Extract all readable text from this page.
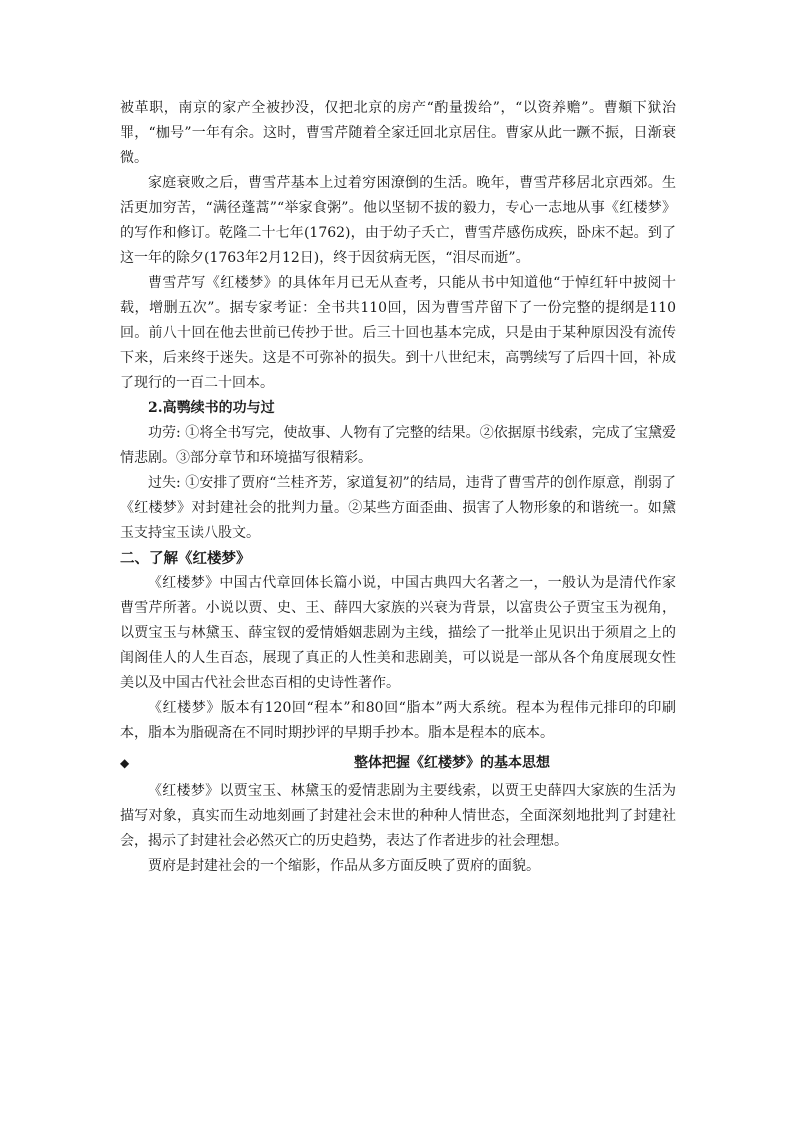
被革职，南京的家产全被抄没，仅把北京的房产“酌量拨给”，“以资养赡”。曹頫下狱治罪，“枷号”一年有余。这时，曹雪芹随着全家迁回北京居住。曹家从此一蹶不振，日渐衰微。

家庭衰败之后，曹雪芹基本上过着穷困潦倒的生活。晚年，曹雪芹移居北京西郊。生活更加穷苦，“满径蓬蒿”“举家食粥”。他以坚韧不拔的毅力，专心一志地从事《红楼梦》的写作和修订。乾隆二十七年(1762)，由于幼子夭亡，曹雪芹感伤成疾，卧床不起。到了这一年的除夕(1763年2月12日)，终于因贫病无医，“泪尽而逝”。

曹雪芹写《红楼梦》的具体年月已无从查考，只能从书中知道他“于悼红轩中披阅十载，增删五次”。据专家考证：全书共110回，因为曹雪芹留下了一份完整的提纲是110回。前八十回在他去世前已传抄于世。后三十回也基本完成，只是由于某种原因没有流传下来，后来终于迷失。这是不可弥补的损失。到十八世纪末，高鹗续写了后四十回，补成了现行的一百二十回本。

2.高鹗续书的功与过

功劳: ①将全书写完，使故事、人物有了完整的结果。②依据原书线索，完成了宝黛爱情悲剧。③部分章节和环境描写很精彩。

过失: ①安排了贾府“兰桂齐芳，家道复初”的结局，违背了曹雪芹的创作原意，削弱了《红楼梦》对封建社会的批判力量。②某些方面歪曲、损害了人物形象的和谐统一。如黛玉支持宝玉读八股文。

二、了解《红楼梦》

《红楼梦》中国古代章回体长篇小说，中国古典四大名著之一，一般认为是清代作家曹雪芹所著。小说以贾、史、王、薛四大家族的兴衰为背景，以富贵公子贾宝玉为视角，以贾宝玉与林黛玉、薛宝钗的爱情婚姻悲剧为主线，描绘了一批举止见识出于须眉之上的闺阁佳人的人生百态，展现了真正的人性美和悲剧美，可以说是一部从各个角度展现女性美以及中国古代社会世态百相的史诗性著作。

《红楼梦》版本有120回“程本”和80回“脂本”两大系统。程本为程伟元排印的印刷本，脂本为脂砚斋在不同时期抄评的早期手抄本。脂本是程本的底本。

◆	整体把握《红楼梦》的基本思想

《红楼梦》以贾宝玉、林黛玉的爱情悲剧为主要线索，以贾王史薛四大家族的生活为描写对象，真实而生动地刻画了封建社会末世的种种人情世态，全面深刻地批判了封建社会，揭示了封建社会必然灭亡的历史趋势，表达了作者进步的社会理想。

贾府是封建社会的一个缩影，作品从多方面反映了贾府的面貌。
